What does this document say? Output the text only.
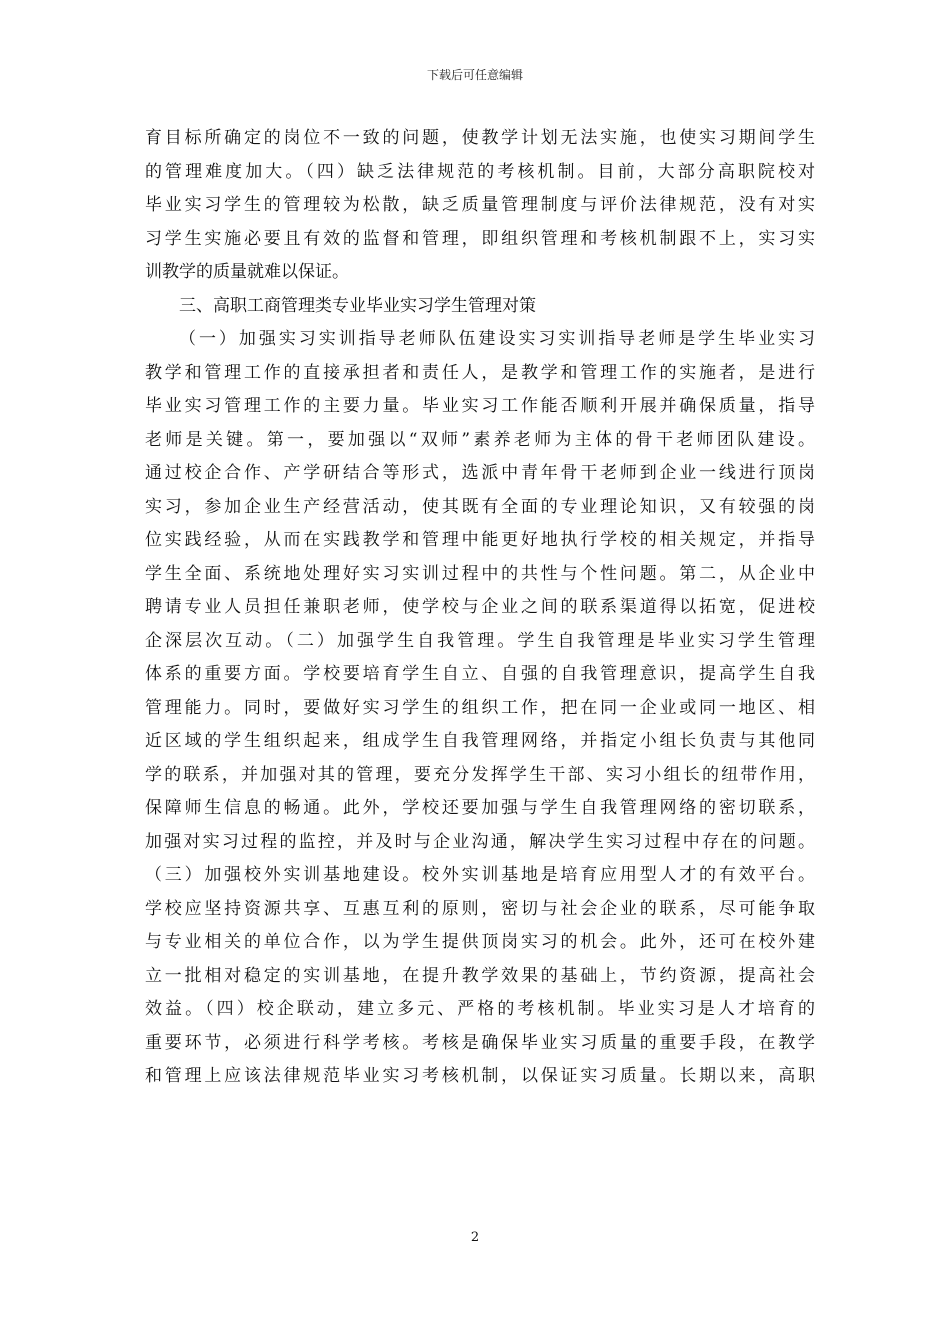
下载后可任意编辑
育目标所确定的岗位不一致的问题，使教学计划无法实施，也使实习期间学生
的管理难度加大。（四）缺乏法律规范的考核机制。目前，大部分高职院校对
毕业实习学生的管理较为松散，缺乏质量管理制度与评价法律规范，没有对实
习学生实施必要且有效的监督和管理，即组织管理和考核机制跟不上，实习实
训教学的质量就难以保证。
三、高职工商管理类专业毕业实习学生管理对策
（一）加强实习实训指导老师队伍建设实习实训指导老师是学生毕业实习
教学和管理工作的直接承担者和责任人，是教学和管理工作的实施者，是进行
毕业实习管理工作的主要力量。毕业实习工作能否顺利开展并确保质量，指导
老师是关键。第一，要加强以“双师”素养老师为主体的骨干老师团队建设。
通过校企合作、产学研结合等形式，选派中青年骨干老师到企业一线进行顶岗
实习，参加企业生产经营活动，使其既有全面的专业理论知识，又有较强的岗
位实践经验，从而在实践教学和管理中能更好地执行学校的相关规定，并指导
学生全面、系统地处理好实习实训过程中的共性与个性问题。第二，从企业中
聘请专业人员担任兼职老师，使学校与企业之间的联系渠道得以拓宽，促进校
企深层次互动。（二）加强学生自我管理。学生自我管理是毕业实习学生管理
体系的重要方面。学校要培育学生自立、自强的自我管理意识，提高学生自我
管理能力。同时，要做好实习学生的组织工作，把在同一企业或同一地区、相
近区域的学生组织起来，组成学生自我管理网络，并指定小组长负责与其他同
学的联系，并加强对其的管理，要充分发挥学生干部、实习小组长的纽带作用，
保障师生信息的畅通。此外，学校还要加强与学生自我管理网络的密切联系，
加强对实习过程的监控，并及时与企业沟通，解决学生实习过程中存在的问题。
（三）加强校外实训基地建设。校外实训基地是培育应用型人才的有效平台。
学校应坚持资源共享、互惠互利的原则，密切与社会企业的联系，尽可能争取
与专业相关的单位合作，以为学生提供顶岗实习的机会。此外，还可在校外建
立一批相对稳定的实训基地，在提升教学效果的基础上，节约资源，提高社会
效益。（四）校企联动，建立多元、严格的考核机制。毕业实习是人才培育的
重要环节，必须进行科学考核。考核是确保毕业实习质量的重要手段，在教学
和管理上应该法律规范毕业实习考核机制，以保证实习质量。长期以来，高职
2
